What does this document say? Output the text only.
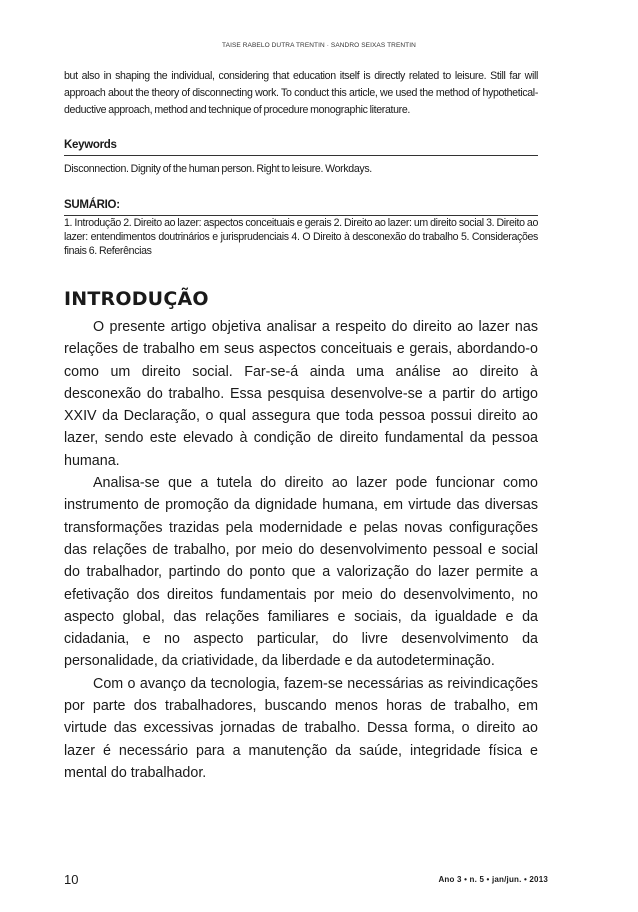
TAISE RABELO DUTRA TRENTIN · SANDRO SEIXAS TRENTIN

but also in shaping the individual, considering that education itself is directly related to leisure. Still far will approach about the theory of disconnecting work. To conduct this article, we used the method of hypothetical-deductive approach, method and technique of procedure monographic literature.

Keywords

Disconnection. Dignity of the human person. Right to leisure. Workdays.

SUMÁRIO:

1. Introdução 2. Direito ao lazer: aspectos conceituais e gerais 2. Direito ao lazer: um direito social 3. Direito ao lazer: entendimentos doutrinários e jurisprudenciais 4. O Direito à desconexão do trabalho 5. Considerações finais 6. Referências

INTRODUÇÃO

O presente artigo objetiva analisar a respeito do direito ao lazer nas relações de trabalho em seus aspectos conceituais e gerais, abordando-o como um direito social. Far-se-á ainda uma análise ao direito à desconexão do trabalho. Essa pesquisa desenvolve-se a partir do artigo XXIV da Declaração, o qual assegura que toda pessoa possui direito ao lazer, sendo este elevado à condição de direito fundamental da pessoa humana.

Analisa-se que a tutela do direito ao lazer pode funcionar como instrumento de promoção da dignidade humana, em virtude das diversas transformações trazidas pela modernidade e pelas novas configurações das relações de trabalho, por meio do desenvolvimento pessoal e social do trabalhador, partindo do ponto que a valorização do lazer permite a efetivação dos direitos fundamentais por meio do desenvolvimento, no aspecto global, das relações familiares e sociais, da igualdade e da cidadania, e no aspecto particular, do livre desenvolvimento da personalidade, da criatividade, da liberdade e da autodeterminação.

Com o avanço da tecnologia, fazem-se necessárias as reivindicações por parte dos trabalhadores, buscando menos horas de trabalho, em virtude das excessivas jornadas de trabalho. Dessa forma, o direito ao lazer é necessário para a manutenção da saúde, integridade física e mental do trabalhador.

10	Ano 3 • n. 5 • jan/jun. • 2013
